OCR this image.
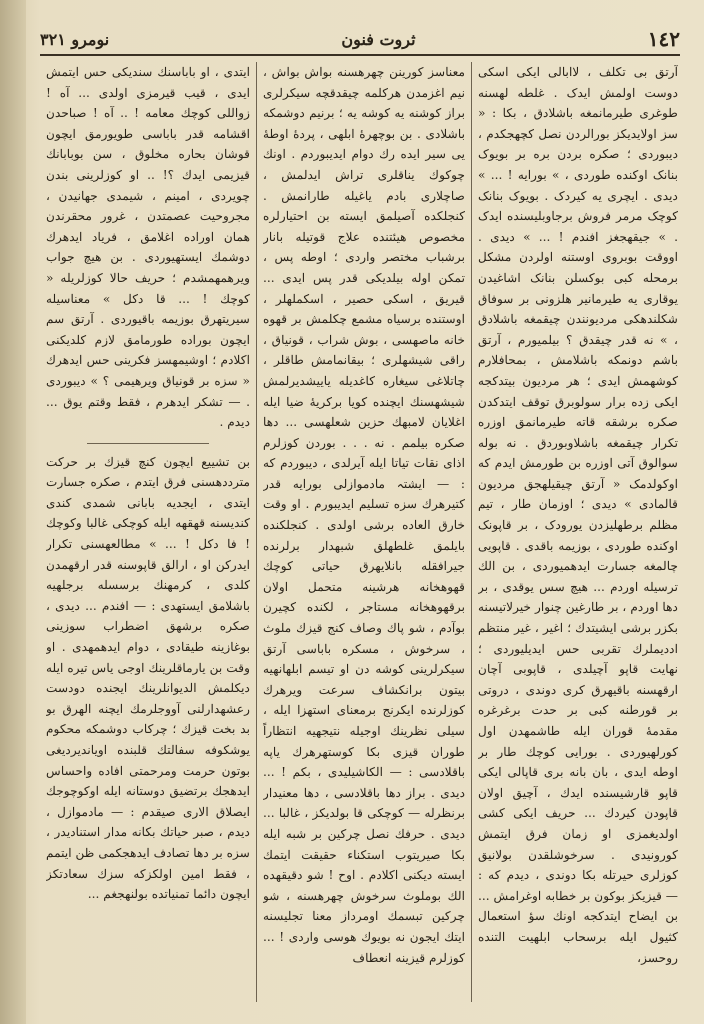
١٤٢
ثروت فنون
نومرو ٣٢١

آرتق بی تکلف ، لاابالی ایکی اسکی دوست اولمش ایدک . غلطه لهسنه طوغری طیرمانمغه باشلادق ، بکا : « سز اولایدیکز بورالردن نصل کچهجکدم ، دیبوردی ؛ صکره بردن بره بر بویوک بنانک اوکنده طوردی ، » بورایه ! ... » دیدی . ایچری یه کیردک . بویوک بنانک کوچک مرمر فروش برجاوبلیسنده ایدک . » جیقهجغز افندم ! ... » دیدی . اووقت بوبروی اوستنه اولردن مشکل برمحله کبی بوکسلن بنانک اشاغیدن یوقاری یه طیرمانیر هلزونی بر سوفاق شکلندهکی مردیونندن چیقمغه باشلادق ، » نه قدر چیقدق ؟ بیلمیورم ، آرتق باشم دونمکه باشلامش ، بمحافلارم کوشهمش ایدی ؛ هر مردیون بیتدکجه ایکی زده برار سولوبرق توقف ایتدکدن صکره برشقه قاته طیرمانمق اوزره تکرار چیقمغه باشلاوبوردق . نه بوله سوالوق آتی اوزره بن طورمش ایدم که اوکولدمک « آرتق چیقیلهجق مردیون قالمادی » دیدی ؛ اوزمان طار ، تیم مظلم برطهلیزدن یورودک ، بر قاپونک اوکنده طوردی ، بوزیمه باقدی . قاپویی چالمغه جسارت ایدهمیوردی ، بن الك ترسیله اوردم ... هیچ سس یوقدی ، بر دها اوردم ، بر طارغین چنوار خیرلاتیسنه بکزر برشی ایشیتدك ؛ اغیر ، غیر منتظم اددیملرك تقربی حس ایدیلیوردی ؛ نهایت قاپو آچیلدی ، قاپوبی آچان ارقهسنه باقیهرق کری دوندی ، دروتی بر قورطنه کبی بر حدت برغرغره مقدمهٔ قوران ایله طاشمهدن اول کورلهیوردی . بورایی کوچك طار بر اوطه ایدی ، بان بانه بری قاپالی ایکی قاپو قارشیسنده ایدك ، آچیق اولان قاپودن کیردك ... حریف ایکی کشی اولدیغمزی او زمان فرق ایتمش کورونیدی . سرخوشلقدن بولانیق کوزلری حیرتله بکا دوندی ، دیدم که : — قیزیکز بوکون بر خطابه اوغرامش ... بن ایضاح ایتدکجه اونك سؤ استعمال کثیول ایله برسحاب ابلهیت التنده روحسز،

معناسز کورینن چهرهسنه بواش بواش ، نیم اغزمدن هرکلمه چیقدقچه سیکرلری براز کوشنه یه کوشه یه ؛ برنیم دوشمکه باشلادی . بن بوچهرهٔ ابلهی ، پردهٔ اوطهٔ یی سیر ایده رك دوام ایدیبوردم . اونك چوکوك یناقلری تراش ایدلمش ، صاچلاری بادم یاغیله طارانمش . کنجلکده آصیلمق ایسته بن احتیارلره مخصوص هیئتنده علاج قوتیله بانار برشباب مختصر واردی ؛ اوطه پس ، تمکن اوله بیلدیکی قدر پس ایدی ... قیریق ، اسکی حصیر ، اسکملهلر ، اوستنده برسیاه مشمع چکلمش بر قهوه خانه ماصهسی ، بوش شراب ، قونیاق ، راقی شیشهلری ؛ بیقانمامش طاقلر ، چاتلاغی سیغاره کاغدیله یاییشدیرلمش شیشهسنك ایچنده کویا برکریهٔ ضیا ایله اغلایان لامبهك حزین شعلهسی ... دها صکره بیلمم . نه . . . بوردن کوزلرم اذای نقات تیاتا ایله آیرلدی ، دیبوردم که : — ایشتہ مادموازلی بورایه قدر کتیرهرك سزه تسلیم ایدیبورم . او وقت خارق العاده برشی اولدی . کنجلکنده بایلمق غلطهلق شبهدار برلرنده جیرافقله بانلایهرق حیاتی کوچك قهوهخانه هرشینه متحمل اولان برقهوهخانه مستاجر ، لکنده کچیرن بوآدم ، شو پاك وصاف کنج قیزك ملوث ، سرخوش ، مسکره باباسی آرتق سیکرلرینی کوشه دن او تیسم ابلهانهیه بیتون برانکشاف سرعت ویرهرك کوزلرنده ایکرنج برمعنای استهزا ایله ، سیلی نظرینك اوجیله نتیجهیه انتظاراً طوران قیزی بکا کوستهرهرك یاپه باقلادسی : — الکاشیلیدی ، بکم ! ... دیدی . براز دها باقلادسی ، دها معنیدار برنظرله — کوچکی قا بولدیکز ، غالبا ... دیدی . حرفك نصل چرکین بر شبه ایله بکا صیریتوب استکناء حقیقت ایتمك ایسته دیکنی اکلادم . اوح ! شو دقیقهده الك بوملوث سرخوش چهرهسنه ، شو چرکین تبسمك اومرداز معنا تجلیسنه ایتك ایجون نه بویوك هوسی واردی ! ... کوزلرم قیزینه انعطاف

ایتدی ، او باباسنك سندیکی حس ایتمش ایدی ، قیب قیرمزی اولدی ... آه ! زواللی کوچك معامه ! .. آه ! صباحدن اقشامه قدر باباسی طویورمق ایچون قوشان بحاره مخلوق ، سن بوبابانك قیزیمی ایدك ؟! .. او کوزلرینی بندن چویردی ، امینم ، شیمدی جهانیدن ، مجروحیت عصمتدن ، غرور محقرندن همان اوراده اغلامق ، فریاد ایدهرك دوشمك ایستهیوردی . بن هیچ جواب ویرهمهمشدم ؛ حریف حالا کوزلریله « کوچك ! ... قا دکل » معناسیله سیریتهرق بوزیمه باقیوردی . آرتق سم ایچون بوراده طورمامق لازم کلدیکنی اکلادم ؛ اوشیمهسز فکرینی حس ایدهرك « سزه بر قونیاق ویرهیمی ؟ » دیبوردی . — تشکر ایدهرم ، فقط وقتم یوق ... دیدم .

بن تشییع ایچون کنچ قیزك بر حرکت مترددهسنی فرق ایتدم ، صکره جسارت ایتدی ، ایجدیه بابانی شمدی کندی کندیسنه قهقهه ایله کوچکی غالبا وکوچك ! فا دکل ! ... » مطالعهسنی تکرار ایدرکن او ، ارالق قاپوسنه قدر ارقهمدن کلدی ، کرمهنك برسسله برجلهیه باشلامق ایستهدی : — افندم ... دیدی ، صکره برشهق اضطراب سوزینی بوغازینه طیقادی ، دوام ایدهمهدی . او وقت بن یارماقلرینك اوجی یاس تیره ایله دیکلمش الدیوانلرینك ایجنده دودست رعشهدارلنی آووجلرمك ایچنه الهرق بو بد بخت قیزك ؛ چرکاب دوشمکه محکوم یوشکوفه سفالتك قلبنده اویاندیردیغی بوتون حرمت ومرحمتی افاده واحساس ایدهجك برتضیق دوستانه ایله اوکوچوجك ایصلاق الاری صیقدم : — مادموازل ، دیدم ، صبر حیاتك بکانه مدار استنادیدر ، سزه بر دها تصادف ایدهجکمی ظن ایتمم ، فقط امین اولکزکه سزك سعادتکز ایچون دائما تمنیاتده بولنهجغم ...
